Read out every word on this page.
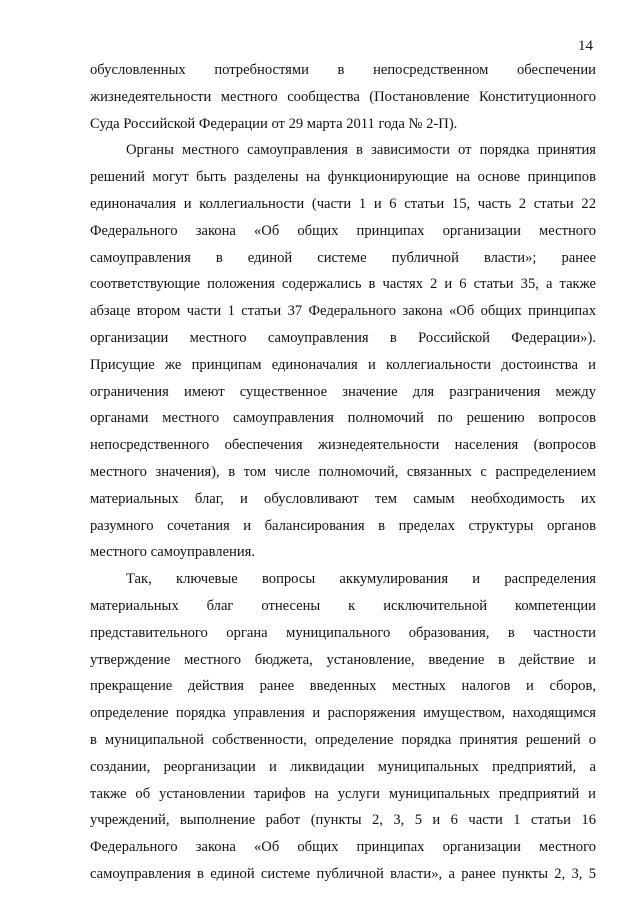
14
обусловленных потребностями в непосредственном обеспечении
жизнедеятельности местного сообщества (Постановление Конституционного
Суда Российской Федерации от 29 марта 2011 года № 2-П).
Органы местного самоуправления в зависимости от порядка принятия
решений могут быть разделены на функционирующие на основе принципов
единоначалия и коллегиальности (части 1 и 6 статьи 15, часть 2 статьи 22
Федерального закона «Об общих принципах организации местного
самоуправления в единой системе публичной власти»; ранее
соответствующие положения содержались в частях 2 и 6 статьи 35, а также
абзаце втором части 1 статьи 37 Федерального закона «Об общих принципах
организации местного самоуправления в Российской Федерации»).
Присущие же принципам единоначалия и коллегиальности достоинства и
ограничения имеют существенное значение для разграничения между
органами местного самоуправления полномочий по решению вопросов
непосредственного обеспечения жизнедеятельности населения (вопросов
местного значения), в том числе полномочий, связанных с распределением
материальных благ, и обусловливают тем самым необходимость их
разумного сочетания и балансирования в пределах структуры органов
местного самоуправления.
Так, ключевые вопросы аккумулирования и распределения
материальных благ отнесены к исключительной компетенции
представительного органа муниципального образования, в частности
утверждение местного бюджета, установление, введение в действие и
прекращение действия ранее введенных местных налогов и сборов,
определение порядка управления и распоряжения имуществом, находящимся
в муниципальной собственности, определение порядка принятия решений о
создании, реорганизации и ликвидации муниципальных предприятий, а
также об установлении тарифов на услуги муниципальных предприятий и
учреждений, выполнение работ (пункты 2, 3, 5 и 6 части 1 статьи 16
Федерального закона «Об общих принципах организации местного
самоуправления в единой системе публичной власти», а ранее пункты 2, 3, 5
